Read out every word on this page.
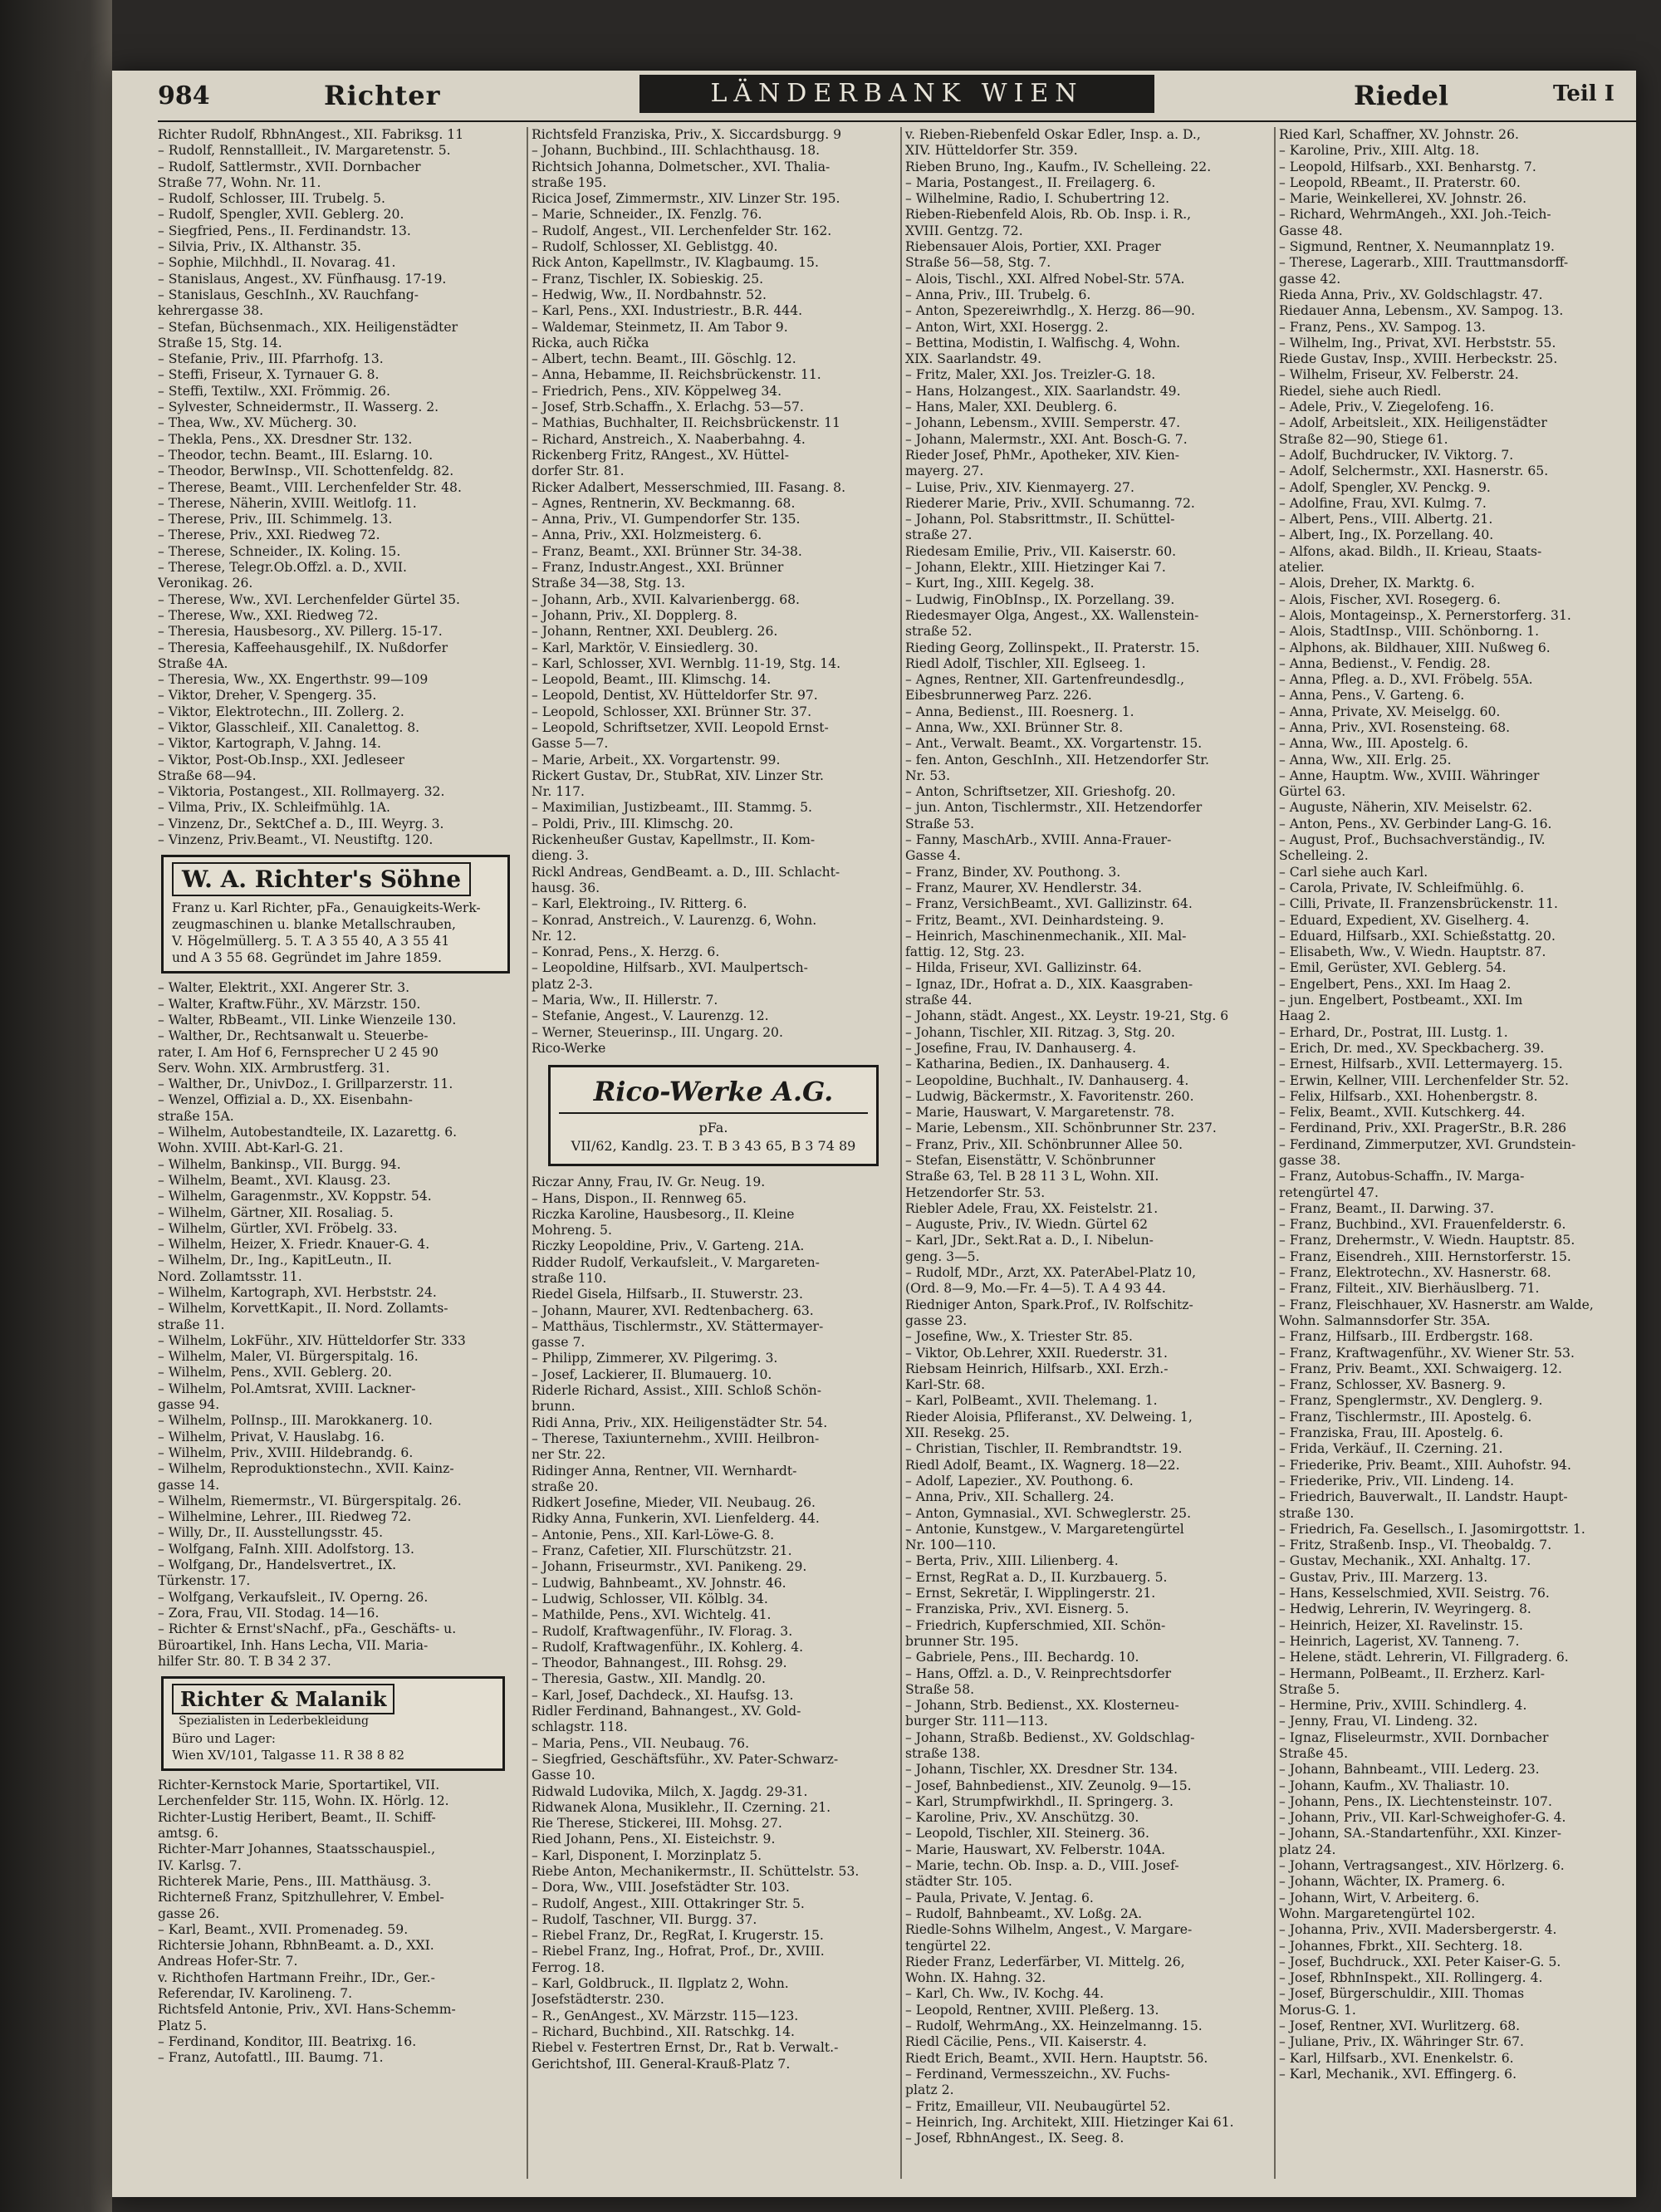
984	Richter	LÄNDERBANK WIEN	Riedel	Teil I
Richter Rudolf, RbhnAngest., XII. Fabriksg. 11
– Rudolf, Rennstallleit., IV. Margaretenstr. 5.
– Rudolf, Sattlermstr., XVII. Dornbacher
Straße 77, Wohn. Nr. 11.
– Rudolf, Schlosser, III. Trubelg. 5.
– Rudolf, Spengler, XVII. Geblerg. 20.
– Siegfried, Pens., II. Ferdinandstr. 13.
– Silvia, Priv., IX. Althanstr. 35.
– Sophie, Milchhdl., II. Novarag. 41.
– Stanislaus, Angest., XV. Fünfhausg. 17-19.
– Stanislaus, GeschInh., XV. Rauchfang-
kehrergasse 38.
– Stefan, Büchsenmach., XIX. Heiligenstädter
Straße 15, Stg. 14.
– Stefanie, Priv., III. Pfarrhofg. 13.
– Steffi, Friseur, X. Tyrnauer G. 8.
– Steffi, Textilw., XXI. Frömmig. 26.
– Sylvester, Schneidermstr., II. Wasserg. 2.
– Thea, Ww., XV. Mücherg. 30.
– Thekla, Pens., XX. Dresdner Str. 132.
– Theodor, techn. Beamt., III. Eslarng. 10.
– Theodor, BerwInsp., VII. Schottenfeldg. 82.
– Therese, Beamt., VIII. Lerchenfelder Str. 48.
– Therese, Näherin, XVIII. Weitlofg. 11.
– Therese, Priv., III. Schimmelg. 13.
– Therese, Priv., XXI. Riedweg 72.
– Therese, Schneider., IX. Koling. 15.
– Therese, Telegr.Ob.Offzl. a. D., XVII.
Veronikag. 26.
– Therese, Ww., XVI. Lerchenfelder Gürtel 35.
– Therese, Ww., XXI. Riedweg 72.
– Theresia, Hausbesorg., XV. Pillerg. 15-17.
– Theresia, Kaffeehausgehilf., IX. Nußdorfer
Straße 4A.
– Theresia, Ww., XX. Engerthstr. 99—109
– Viktor, Dreher, V. Spengerg. 35.
– Viktor, Elektrotechn., III. Zollerg. 2.
– Viktor, Glasschleif., XII. Canalettog. 8.
– Viktor, Kartograph, V. Jahng. 14.
– Viktor, Post-Ob.Insp., XXI. Jedleseer
Straße 68—94.
– Viktoria, Postangest., XII. Rollmayerg. 32.
– Vilma, Priv., IX. Schleifmühlg. 1A.
– Vinzenz, Dr., SektChef a. D., III. Weyrg. 3.
– Vinzenz, Priv.Beamt., VI. Neustiftg. 120.
W. A. Richter's Söhne
Franz u. Karl Richter, pFa., Genauigkeits-Werk-
zeugmaschinen u. blanke Metallschrauben,
V. Högelmüllerg. 5. T. A 3 55 40, A 3 55 41
und A 3 55 68. Gegründet im Jahre 1859.
– Walter, Elektrit., XXI. Angerer Str. 3.
– Walter, Kraftw.Führ., XV. Märzstr. 150.
– Walter, RbBeamt., VII. Linke Wienzeile 130.
– Walther, Dr., Rechtsanwalt u. Steuerbe-
rater, I. Am Hof 6, Fernsprecher U 2 45 90
Serv. Wohn. XIX. Armbrustferg. 31.
– Walther, Dr., UnivDoz., I. Grillparzerstr. 11.
– Wenzel, Offizial a. D., XX. Eisenbahn-
straße 15A.
– Wilhelm, Autobestandteile, IX. Lazarettg. 6.
Wohn. XVIII. Abt-Karl-G. 21.
– Wilhelm, Bankinsp., VII. Burgg. 94.
– Wilhelm, Beamt., XVI. Klausg. 23.
– Wilhelm, Garagenmstr., XV. Koppstr. 54.
– Wilhelm, Gärtner, XII. Rosaliag. 5.
– Wilhelm, Gürtler, XVI. Fröbelg. 33.
– Wilhelm, Heizer, X. Friedr. Knauer-G. 4.
– Wilhelm, Dr., Ing., KapitLeutn., II.
Nord. Zollamtsstr. 11.
– Wilhelm, Kartograph, XVI. Herbststr. 24.
– Wilhelm, KorvettKapit., II. Nord. Zollamts-
straße 11.
– Wilhelm, LokFühr., XIV. Hütteldorfer Str. 333
– Wilhelm, Maler, VI. Bürgerspitalg. 16.
– Wilhelm, Pens., XVII. Geblerg. 20.
– Wilhelm, Pol.Amtsrat, XVIII. Lackner-
gasse 94.
– Wilhelm, PolInsp., III. Marokkanerg. 10.
– Wilhelm, Privat, V. Hauslabg. 16.
– Wilhelm, Priv., XVIII. Hildebrandg. 6.
– Wilhelm, Reproduktionstechn., XVII. Kainz-
gasse 14.
– Wilhelm, Riemermstr., VI. Bürgerspitalg. 26.
– Wilhelmine, Lehrer., III. Riedweg 72.
– Willy, Dr., II. Ausstellungsstr. 45.
– Wolfgang, FaInh. XIII. Adolfstorg. 13.
– Wolfgang, Dr., Handelsvertret., IX.
Türkenstr. 17.
– Wolfgang, Verkaufsleit., IV. Operng. 26.
– Zora, Frau, VII. Stodag. 14—16.
– Richter & Ernst'sNachf., pFa., Geschäfts- u.
Büroartikel, Inh. Hans Lecha, VII. Maria-
hilfer Str. 80. T. B 34 2 37.
Richter & MalanikSpezialisten in Lederbekleidung
Büro und Lager:
Wien XV/101, Talgasse 11. R 38 8 82
Richter-Kernstock Marie, Sportartikel, VII.
Lerchenfelder Str. 115, Wohn. IX. Hörlg. 12.
Richter-Lustig Heribert, Beamt., II. Schiff-
amtsg. 6.
Richter-Marr Johannes, Staatsschauspiel.,
IV. Karlsg. 7.
Richterek Marie, Pens., III. Matthäusg. 3.
Richterneß Franz, Spitzhullehrer, V. Embel-
gasse 26.
– Karl, Beamt., XVII. Promenadeg. 59.
Richtersie Johann, RbhnBeamt. a. D., XXI.
Andreas Hofer-Str. 7.
v. Richthofen Hartmann Freihr., IDr., Ger.-
Referendar, IV. Karolineng. 7.
Richtsfeld Antonie, Priv., XVI. Hans-Schemm-
Platz 5.
– Ferdinand, Konditor, III. Beatrixg. 16.
– Franz, Autofattl., III. Baumg. 71.
Richtsfeld Franziska, Priv., X. Siccardsburgg. 9
– Johann, Buchbind., III. Schlachthausg. 18.
Richtsich Johanna, Dolmetscher., XVI. Thalia-
straße 195.
Ricica Josef, Zimmermstr., XIV. Linzer Str. 195.
– Marie, Schneider., IX. Fenzlg. 76.
– Rudolf, Angest., VII. Lerchenfelder Str. 162.
– Rudolf, Schlosser, XI. Geblistgg. 40.
Rick Anton, Kapellmstr., IV. Klagbaumg. 15.
– Franz, Tischler, IX. Sobieskig. 25.
– Hedwig, Ww., II. Nordbahnstr. 52.
– Karl, Pens., XXI. Industriestr., B.R. 444.
– Waldemar, Steinmetz, II. Am Tabor 9.
Ricka, auch Rička
– Albert, techn. Beamt., III. Göschlg. 12.
– Anna, Hebamme, II. Reichsbrückenstr. 11.
– Friedrich, Pens., XIV. Köppelweg 34.
– Josef, Strb.Schaffn., X. Erlachg. 53—57.
– Mathias, Buchhalter, II. Reichsbrückenstr. 11
– Richard, Anstreich., X. Naaberbahng. 4.
Rickenberg Fritz, RAngest., XV. Hüttel-
dorfer Str. 81.
Ricker Adalbert, Messerschmied, III. Fasang. 8.
– Agnes, Rentnerin, XV. Beckmanng. 68.
– Anna, Priv., VI. Gumpendorfer Str. 135.
– Anna, Priv., XXI. Holzmeisterg. 6.
– Franz, Beamt., XXI. Brünner Str. 34-38.
– Franz, Industr.Angest., XXI. Brünner
Straße 34—38, Stg. 13.
– Johann, Arb., XVII. Kalvarienbergg. 68.
– Johann, Priv., XI. Dopplerg. 8.
– Johann, Rentner, XXI. Deublerg. 26.
– Karl, Marktör, V. Einsiedlerg. 30.
– Karl, Schlosser, XVI. Wernblg. 11-19, Stg. 14.
– Leopold, Beamt., III. Klimschg. 14.
– Leopold, Dentist, XV. Hütteldorfer Str. 97.
– Leopold, Schlosser, XXI. Brünner Str. 37.
– Leopold, Schriftsetzer, XVII. Leopold Ernst-
Gasse 5—7.
– Marie, Arbeit., XX. Vorgartenstr. 99.
Rickert Gustav, Dr., StubRat, XIV. Linzer Str.
Nr. 117.
– Maximilian, Justizbeamt., III. Stammg. 5.
– Poldi, Priv., III. Klimschg. 20.
Rickenheußer Gustav, Kapellmstr., II. Kom-
dieng. 3.
Rickl Andreas, GendBeamt. a. D., III. Schlacht-
hausg. 36.
– Karl, Elektroing., IV. Ritterg. 6.
– Konrad, Anstreich., V. Laurenzg. 6, Wohn.
Nr. 12.
– Konrad, Pens., X. Herzg. 6.
– Leopoldine, Hilfsarb., XVI. Maulpertsch-
platz 2-3.
– Maria, Ww., II. Hillerstr. 7.
– Stefanie, Angest., V. Laurenzg. 12.
– Werner, Steuerinsp., III. Ungarg. 20.
Rico-Werke
Rico-Werke A.G.
pFa.
VII/62, Kandlg. 23. T. B 3 43 65, B 3 74 89
Riczar Anny, Frau, IV. Gr. Neug. 19.
– Hans, Dispon., II. Rennweg 65.
Riczka Karoline, Hausbesorg., II. Kleine
Mohreng. 5.
Riczky Leopoldine, Priv., V. Garteng. 21A.
Ridder Rudolf, Verkaufsleit., V. Margareten-
straße 110.
Riedel Gisela, Hilfsarb., II. Stuwerstr. 23.
– Johann, Maurer, XVI. Redtenbacherg. 63.
– Matthäus, Tischlermstr., XV. Stättermayer-
gasse 7.
– Philipp, Zimmerer, XV. Pilgerimg. 3.
– Josef, Lackierer, II. Blumauerg. 10.
Riderle Richard, Assist., XIII. Schloß Schön-
brunn.
Ridi Anna, Priv., XIX. Heiligenstädter Str. 54.
– Therese, Taxiunternehm., XVIII. Heilbron-
ner Str. 22.
Ridinger Anna, Rentner, VII. Wernhardt-
straße 20.
Ridkert Josefine, Mieder, VII. Neubaug. 26.
Ridky Anna, Funkerin, XVI. Lienfelderg. 44.
– Antonie, Pens., XII. Karl-Löwe-G. 8.
– Franz, Cafetier, XII. Flurschützstr. 21.
– Johann, Friseurmstr., XVI. Panikeng. 29.
– Ludwig, Bahnbeamt., XV. Johnstr. 46.
– Ludwig, Schlosser, VII. Kölblg. 34.
– Mathilde, Pens., XVI. Wichtelg. 41.
– Rudolf, Kraftwagenführ., IV. Florag. 3.
– Rudolf, Kraftwagenführ., IX. Kohlerg. 4.
– Theodor, Bahnangest., III. Rohsg. 29.
– Theresia, Gastw., XII. Mandlg. 20.
– Karl, Josef, Dachdeck., XI. Haufsg. 13.
Ridler Ferdinand, Bahnangest., XV. Gold-
schlagstr. 118.
– Maria, Pens., VII. Neubaug. 76.
– Siegfried, Geschäftsführ., XV. Pater-Schwarz-
Gasse 10.
Ridwald Ludovika, Milch, X. Jagdg. 29-31.
Ridwanek Alona, Musiklehr., II. Czerning. 21.
Rie Therese, Stickerei, III. Mohsg. 27.
Ried Johann, Pens., XI. Eisteichstr. 9.
– Karl, Disponent, I. Morzinplatz 5.
Riebe Anton, Mechanikermstr., II. Schüttelstr. 53.
– Dora, Ww., VIII. Josefstädter Str. 103.
– Rudolf, Angest., XIII. Ottakringer Str. 5.
– Rudolf, Taschner, VII. Burgg. 37.
– Riebel Franz, Dr., RegRat, I. Krugerstr. 15.
– Riebel Franz, Ing., Hofrat, Prof., Dr., XVIII.
Ferrog. 18.
– Karl, Goldbruck., II. Ilgplatz 2, Wohn.
Josefstädterstr. 230.
– R., GenAngest., XV. Märzstr. 115—123.
– Richard, Buchbind., XII. Ratschkg. 14.
Riebel v. Festertren Ernst, Dr., Rat b. Verwalt.-
Gerichtshof, III. General-Krauß-Platz 7.
v. Rieben-Riebenfeld Oskar Edler, Insp. a. D.,
XIV. Hütteldorfer Str. 359.
Rieben Bruno, Ing., Kaufm., IV. Schelleing. 22.
– Maria, Postangest., II. Freilagerg. 6.
– Wilhelmine, Radio, I. Schubertring 12.
Rieben-Riebenfeld Alois, Rb. Ob. Insp. i. R.,
XVIII. Gentzg. 72.
Riebensauer Alois, Portier, XXI. Prager
Straße 56—58, Stg. 7.
– Alois, Tischl., XXI. Alfred Nobel-Str. 57A.
– Anna, Priv., III. Trubelg. 6.
– Anton, Spezereiwrhdlg., X. Herzg. 86—90.
– Anton, Wirt, XXI. Hosergg. 2.
– Bettina, Modistin, I. Walfischg. 4, Wohn.
XIX. Saarlandstr. 49.
– Fritz, Maler, XXI. Jos. Treizler-G. 18.
– Hans, Holzangest., XIX. Saarlandstr. 49.
– Hans, Maler, XXI. Deublerg. 6.
– Johann, Lebensm., XVIII. Semperstr. 47.
– Johann, Malermstr., XXI. Ant. Bosch-G. 7.
Rieder Josef, PhMr., Apotheker, XIV. Kien-
mayerg. 27.
– Luise, Priv., XIV. Kienmayerg. 27.
Riederer Marie, Priv., XVII. Schumanng. 72.
– Johann, Pol. Stabsrittmstr., II. Schüttel-
straße 27.
Riedesam Emilie, Priv., VII. Kaiserstr. 60.
– Johann, Elektr., XIII. Hietzinger Kai 7.
– Kurt, Ing., XIII. Kegelg. 38.
– Ludwig, FinObInsp., IX. Porzellang. 39.
Riedesmayer Olga, Angest., XX. Wallenstein-
straße 52.
Rieding Georg, Zollinspekt., II. Praterstr. 15.
Riedl Adolf, Tischler, XII. Eglseeg. 1.
– Agnes, Rentner, XII. Gartenfreundesdlg.,
Eibesbrunnerweg Parz. 226.
– Anna, Bedienst., III. Roesnerg. 1.
– Anna, Ww., XXI. Brünner Str. 8.
– Ant., Verwalt. Beamt., XX. Vorgartenstr. 15.
– fen. Anton, GeschInh., XII. Hetzendorfer Str.
Nr. 53.
– Anton, Schriftsetzer, XII. Grieshofg. 20.
– jun. Anton, Tischlermstr., XII. Hetzendorfer
Straße 53.
– Fanny, MaschArb., XVIII. Anna-Frauer-
Gasse 4.
– Franz, Binder, XV. Pouthong. 3.
– Franz, Maurer, XV. Hendlerstr. 34.
– Franz, VersichBeamt., XVI. Gallizinstr. 64.
– Fritz, Beamt., XVI. Deinhardsteing. 9.
– Heinrich, Maschinenmechanik., XII. Mal-
fattig. 12, Stg. 23.
– Hilda, Friseur, XVI. Gallizinstr. 64.
– Ignaz, IDr., Hofrat a. D., XIX. Kaasgraben-
straße 44.
– Johann, städt. Angest., XX. Leystr. 19-21, Stg. 6
– Johann, Tischler, XII. Ritzag. 3, Stg. 20.
– Josefine, Frau, IV. Danhauserg. 4.
– Katharina, Bedien., IX. Danhauserg. 4.
– Leopoldine, Buchhalt., IV. Danhauserg. 4.
– Ludwig, Bäckermstr., X. Favoritenstr. 260.
– Marie, Hauswart, V. Margaretenstr. 78.
– Marie, Lebensm., XII. Schönbrunner Str. 237.
– Franz, Priv., XII. Schönbrunner Allee 50.
– Stefan, Eisenstättr, V. Schönbrunner
Straße 63, Tel. B 28 11 3 L, Wohn. XII.
Hetzendorfer Str. 53.
Riebler Adele, Frau, XX. Feistelstr. 21.
– Auguste, Priv., IV. Wiedn. Gürtel 62
– Karl, JDr., Sekt.Rat a. D., I. Nibelun-
geng. 3—5.
– Rudolf, MDr., Arzt, XX. PaterAbel-Platz 10,
(Ord. 8—9, Mo.—Fr. 4—5). T. A 4 93 44.
Riedniger Anton, Spark.Prof., IV. Rolfschitz-
gasse 23.
– Josefine, Ww., X. Triester Str. 85.
– Viktor, Ob.Lehrer, XXII. Ruederstr. 31.
Riebsam Heinrich, Hilfsarb., XXI. Erzh.-
Karl-Str. 68.
– Karl, PolBeamt., XVII. Thelemang. 1.
Rieder Aloisia, Pfliferanst., XV. Delweing. 1,
XII. Resekg. 25.
– Christian, Tischler, II. Rembrandtstr. 19.
Riedl Adolf, Beamt., IX. Wagnerg. 18—22.
– Adolf, Lapezier., XV. Pouthong. 6.
– Anna, Priv., XII. Schallerg. 24.
– Anton, Gymnasial., XVI. Schweglerstr. 25.
– Antonie, Kunstgew., V. Margaretengürtel
Nr. 100—110.
– Berta, Priv., XIII. Lilienberg. 4.
– Ernst, RegRat a. D., II. Kurzbauerg. 5.
– Ernst, Sekretär, I. Wipplingerstr. 21.
– Franziska, Priv., XVI. Eisnerg. 5.
– Friedrich, Kupferschmied, XII. Schön-
brunner Str. 195.
– Gabriele, Pens., III. Bechardg. 10.
– Hans, Offzl. a. D., V. Reinprechtsdorfer
Straße 58.
– Johann, Strb. Bedienst., XX. Klosterneu-
burger Str. 111—113.
– Johann, Straßb. Bedienst., XV. Goldschlag-
straße 138.
– Johann, Tischler, XX. Dresdner Str. 134.
– Josef, Bahnbedienst., XIV. Zeunolg. 9—15.
– Karl, Strumpfwirkhdl., II. Springerg. 3.
– Karoline, Priv., XV. Anschützg. 30.
– Leopold, Tischler, XII. Steinerg. 36.
– Marie, Hauswart, XV. Felberstr. 104A.
– Marie, techn. Ob. Insp. a. D., VIII. Josef-
städter Str. 105.
– Paula, Private, V. Jentag. 6.
– Rudolf, Bahnbeamt., XV. Loßg. 2A.
Riedle-Sohns Wilhelm, Angest., V. Margare-
tengürtel 22.
Rieder Franz, Lederfärber, VI. Mittelg. 26,
Wohn. IX. Hahng. 32.
– Karl, Ch. Ww., IV. Kochg. 44.
– Leopold, Rentner, XVIII. Pleßerg. 13.
– Rudolf, WehrmAng., XX. Heinzelmanng. 15.
Riedl Cäcilie, Pens., VII. Kaiserstr. 4.
Riedt Erich, Beamt., XVII. Hern. Hauptstr. 56.
– Ferdinand, Vermesszeichn., XV. Fuchs-
platz 2.
– Fritz, Emailleur, VII. Neubaugürtel 52.
– Heinrich, Ing. Architekt, XIII. Hietzinger Kai 61.
– Josef, RbhnAngest., IX. Seeg. 8.
Ried Karl, Schaffner, XV. Johnstr. 26.
– Karoline, Priv., XIII. Altg. 18.
– Leopold, Hilfsarb., XXI. Benharstg. 7.
– Leopold, RBeamt., II. Praterstr. 60.
– Marie, Weinkellerei, XV. Johnstr. 26.
– Richard, WehrmAngeh., XXI. Joh.-Teich-
Gasse 48.
– Sigmund, Rentner, X. Neumannplatz 19.
– Therese, Lagerarb., XIII. Trauttmansdorff-
gasse 42.
Rieda Anna, Priv., XV. Goldschlagstr. 47.
Riedauer Anna, Lebensm., XV. Sampog. 13.
– Franz, Pens., XV. Sampog. 13.
– Wilhelm, Ing., Privat, XVI. Herbststr. 55.
Riede Gustav, Insp., XVIII. Herbeckstr. 25.
– Wilhelm, Friseur, XV. Felberstr. 24.
Riedel, siehe auch Riedl.
– Adele, Priv., V. Ziegelofeng. 16.
– Adolf, Arbeitsleit., XIX. Heiligenstädter
Straße 82—90, Stiege 61.
– Adolf, Buchdrucker, IV. Viktorg. 7.
– Adolf, Selchermstr., XXI. Hasnerstr. 65.
– Adolf, Spengler, XV. Penckg. 9.
– Adolfine, Frau, XVI. Kulmg. 7.
– Albert, Pens., VIII. Albertg. 21.
– Albert, Ing., IX. Porzellang. 40.
– Alfons, akad. Bildh., II. Krieau, Staats-
atelier.
– Alois, Dreher, IX. Marktg. 6.
– Alois, Fischer, XVI. Rosegerg. 6.
– Alois, Montageinsp., X. Pernerstorferg. 31.
– Alois, StadtInsp., VIII. Schönborng. 1.
– Alphons, ak. Bildhauer, XIII. Nußweg 6.
– Anna, Bedienst., V. Fendig. 28.
– Anna, Pfleg. a. D., XVI. Fröbelg. 55A.
– Anna, Pens., V. Garteng. 6.
– Anna, Private, XV. Meiselgg. 60.
– Anna, Priv., XVI. Rosensteing. 68.
– Anna, Ww., III. Apostelg. 6.
– Anna, Ww., XII. Erlg. 25.
– Anne, Hauptm. Ww., XVIII. Währinger
Gürtel 63.
– Auguste, Näherin, XIV. Meiselstr. 62.
– Anton, Pens., XV. Gerbinder Lang-G. 16.
– August, Prof., Buchsachverständig., IV.
Schelleing. 2.
– Carl siehe auch Karl.
– Carola, Private, IV. Schleifmühlg. 6.
– Cilli, Private, II. Franzensbrückenstr. 11.
– Eduard, Expedient, XV. Giselherg. 4.
– Eduard, Hilfsarb., XXI. Schießstattg. 20.
– Elisabeth, Ww., V. Wiedn. Hauptstr. 87.
– Emil, Gerüster, XVI. Geblerg. 54.
– Engelbert, Pens., XXI. Im Haag 2.
– jun. Engelbert, Postbeamt., XXI. Im
Haag 2.
– Erhard, Dr., Postrat, III. Lustg. 1.
– Erich, Dr. med., XV. Speckbacherg. 39.
– Ernest, Hilfsarb., XVII. Lettermayerg. 15.
– Erwin, Kellner, VIII. Lerchenfelder Str. 52.
– Felix, Hilfsarb., XXI. Hohenbergstr. 8.
– Felix, Beamt., XVII. Kutschkerg. 44.
– Ferdinand, Priv., XXI. PragerStr., B.R. 286
– Ferdinand, Zimmerputzer, XVI. Grundstein-
gasse 38.
– Franz, Autobus-Schaffn., IV. Marga-
retengürtel 47.
– Franz, Beamt., II. Darwing. 37.
– Franz, Buchbind., XVI. Frauenfelderstr. 6.
– Franz, Drehermstr., V. Wiedn. Hauptstr. 85.
– Franz, Eisendreh., XIII. Hernstorferstr. 15.
– Franz, Elektrotechn., XV. Hasnerstr. 68.
– Franz, Filteit., XIV. Bierhäuslberg. 71.
– Franz, Fleischhauer, XV. Hasnerstr. am Walde,
Wohn. Salmannsdorfer Str. 35A.
– Franz, Hilfsarb., III. Erdbergstr. 168.
– Franz, Kraftwagenführ., XV. Wiener Str. 53.
– Franz, Priv. Beamt., XXI. Schwaigerg. 12.
– Franz, Schlosser, XV. Basnerg. 9.
– Franz, Spenglermstr., XV. Denglerg. 9.
– Franz, Tischlermstr., III. Apostelg. 6.
– Franziska, Frau, III. Apostelg. 6.
– Frida, Verkäuf., II. Czerning. 21.
– Friederike, Priv. Beamt., XIII. Auhofstr. 94.
– Friederike, Priv., VII. Lindeng. 14.
– Friedrich, Bauverwalt., II. Landstr. Haupt-
straße 130.
– Friedrich, Fa. Gesellsch., I. Jasomirgottstr. 1.
– Fritz, Straßenb. Insp., VI. Theobaldg. 7.
– Gustav, Mechanik., XXI. Anhaltg. 17.
– Gustav, Priv., III. Marzerg. 13.
– Hans, Kesselschmied, XVII. Seistrg. 76.
– Hedwig, Lehrerin, IV. Weyringerg. 8.
– Heinrich, Heizer, XI. Ravelinstr. 15.
– Heinrich, Lagerist, XV. Tanneng. 7.
– Helene, städt. Lehrerin, VI. Fillgraderg. 6.
– Hermann, PolBeamt., II. Erzherz. Karl-
Straße 5.
– Hermine, Priv., XVIII. Schindlerg. 4.
– Jenny, Frau, VI. Lindeng. 32.
– Ignaz, Fliseleurmstr., XVII. Dornbacher
Straße 45.
– Johann, Bahnbeamt., VIII. Lederg. 23.
– Johann, Kaufm., XV. Thaliastr. 10.
– Johann, Pens., IX. Liechtensteinstr. 107.
– Johann, Priv., VII. Karl-Schweighofer-G. 4.
– Johann, SA.-Standartenführ., XXI. Kinzer-
platz 24.
– Johann, Vertragsangest., XIV. Hörlzerg. 6.
– Johann, Wächter, IX. Pramerg. 6.
– Johann, Wirt, V. Arbeiterg. 6.
Wohn. Margaretengürtel 102.
– Johanna, Priv., XVII. Madersbergerstr. 4.
– Johannes, Fbrkt., XII. Sechterg. 18.
– Josef, Buchdruck., XXI. Peter Kaiser-G. 5.
– Josef, RbhnInspekt., XII. Rollingerg. 4.
– Josef, Bürgerschuldir., XIII. Thomas
Morus-G. 1.
– Josef, Rentner, XVI. Wurlitzerg. 68.
– Juliane, Priv., IX. Währinger Str. 67.
– Karl, Hilfsarb., XVI. Enenkelstr. 6.
– Karl, Mechanik., XVI. Effingerg. 6.
